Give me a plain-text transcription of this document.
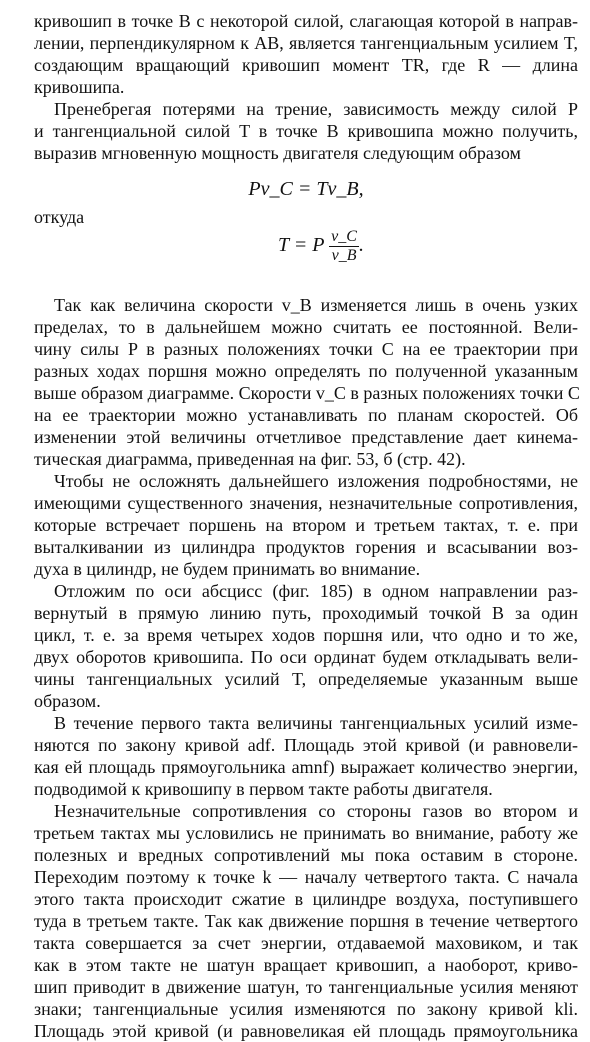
кривошип в точке B с некоторой силой, слагающая которой в направ-
лении, перпендикулярном к AB, является тангенциальным усилием T,
создающим вращающий кривошип момент TR, где R — длина
кривошипа.
Пренебрегая потерями на трение, зависимость между силой P
и тангенциальной силой T в точке B кривошипа можно получить,
выразив мгновенную мощность двигателя следующим образом
Pv_C = Tv_B,
откуда
T = P $\frac{v\_C}{v\_B}$ .
Так как величина скорости v_B изменяется лишь в очень узких
пределах, то в дальнейшем можно считать ее постоянной. Вели-
чину силы P в разных положениях точки C на ее траектории при
разных ходах поршня можно определять по полученной указанным
выше образом диаграмме. Скорости v_C в разных положениях точки C
на ее траектории можно устанавливать по планам скоростей. Об
изменении этой величины отчетливое представление дает кинема-
тическая диаграмма, приведенная на фиг. 53, б (стр. 42).
Чтобы не осложнять дальнейшего изложения подробностями, не
имеющими существенного значения, незначительные сопротивления,
которые встречает поршень на втором и третьем тактах, т. е. при
выталкивании из цилиндра продуктов горения и всасывании воз-
духа в цилиндр, не будем принимать во внимание.
Отложим по оси абсцисс (фиг. 185) в одном направлении раз-
вернутый в прямую линию путь, проходимый точкой B за один
цикл, т. е. за время четырех ходов поршня или, что одно и то же,
двух оборотов кривошипа. По оси ординат будем откладывать вели-
чины тангенциальных усилий T, определяемые указанным выше
образом.
В течение первого такта величины тангенциальных усилий изме-
няются по закону кривой adf. Площадь этой кривой (и равновели-
кая ей площадь прямоугольника amnf) выражает количество энергии,
подводимой к кривошипу в первом такте работы двигателя.
Незначительные сопротивления со стороны газов во втором и
третьем тактах мы условились не принимать во внимание, работу же
полезных и вредных сопротивлений мы пока оставим в стороне.
Переходим поэтому к точке k — началу четвертого такта. С начала
этого такта происходит сжатие в цилиндре воздуха, поступившего
туда в третьем такте. Так как движение поршня в течение четвертого
такта совершается за счет энергии, отдаваемой маховиком, и так
как в этом такте не шатун вращает кривошип, а наоборот, криво-
шип приводит в движение шатун, то тангенциальные усилия меняют
знаки; тангенциальные усилия изменяются по закону кривой kli.
Площадь этой кривой (и равновеликая ей площадь прямоугольника
